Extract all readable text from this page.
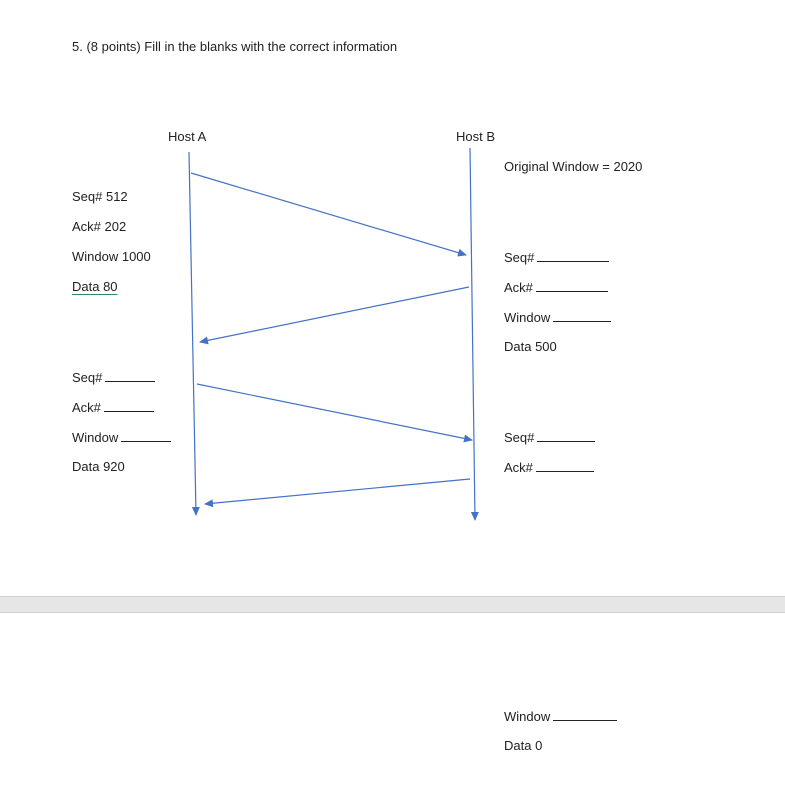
5. (8 points) Fill in the blanks with the correct information
Host A	Host B
Original Window = 2020
Seq# 512
Ack# 202
Window 1000
Data 80
Seq#
Ack#
Window
Data 500
Seq#
Ack#
Window
Data 920
Seq#
Ack#
Window
Data 0
